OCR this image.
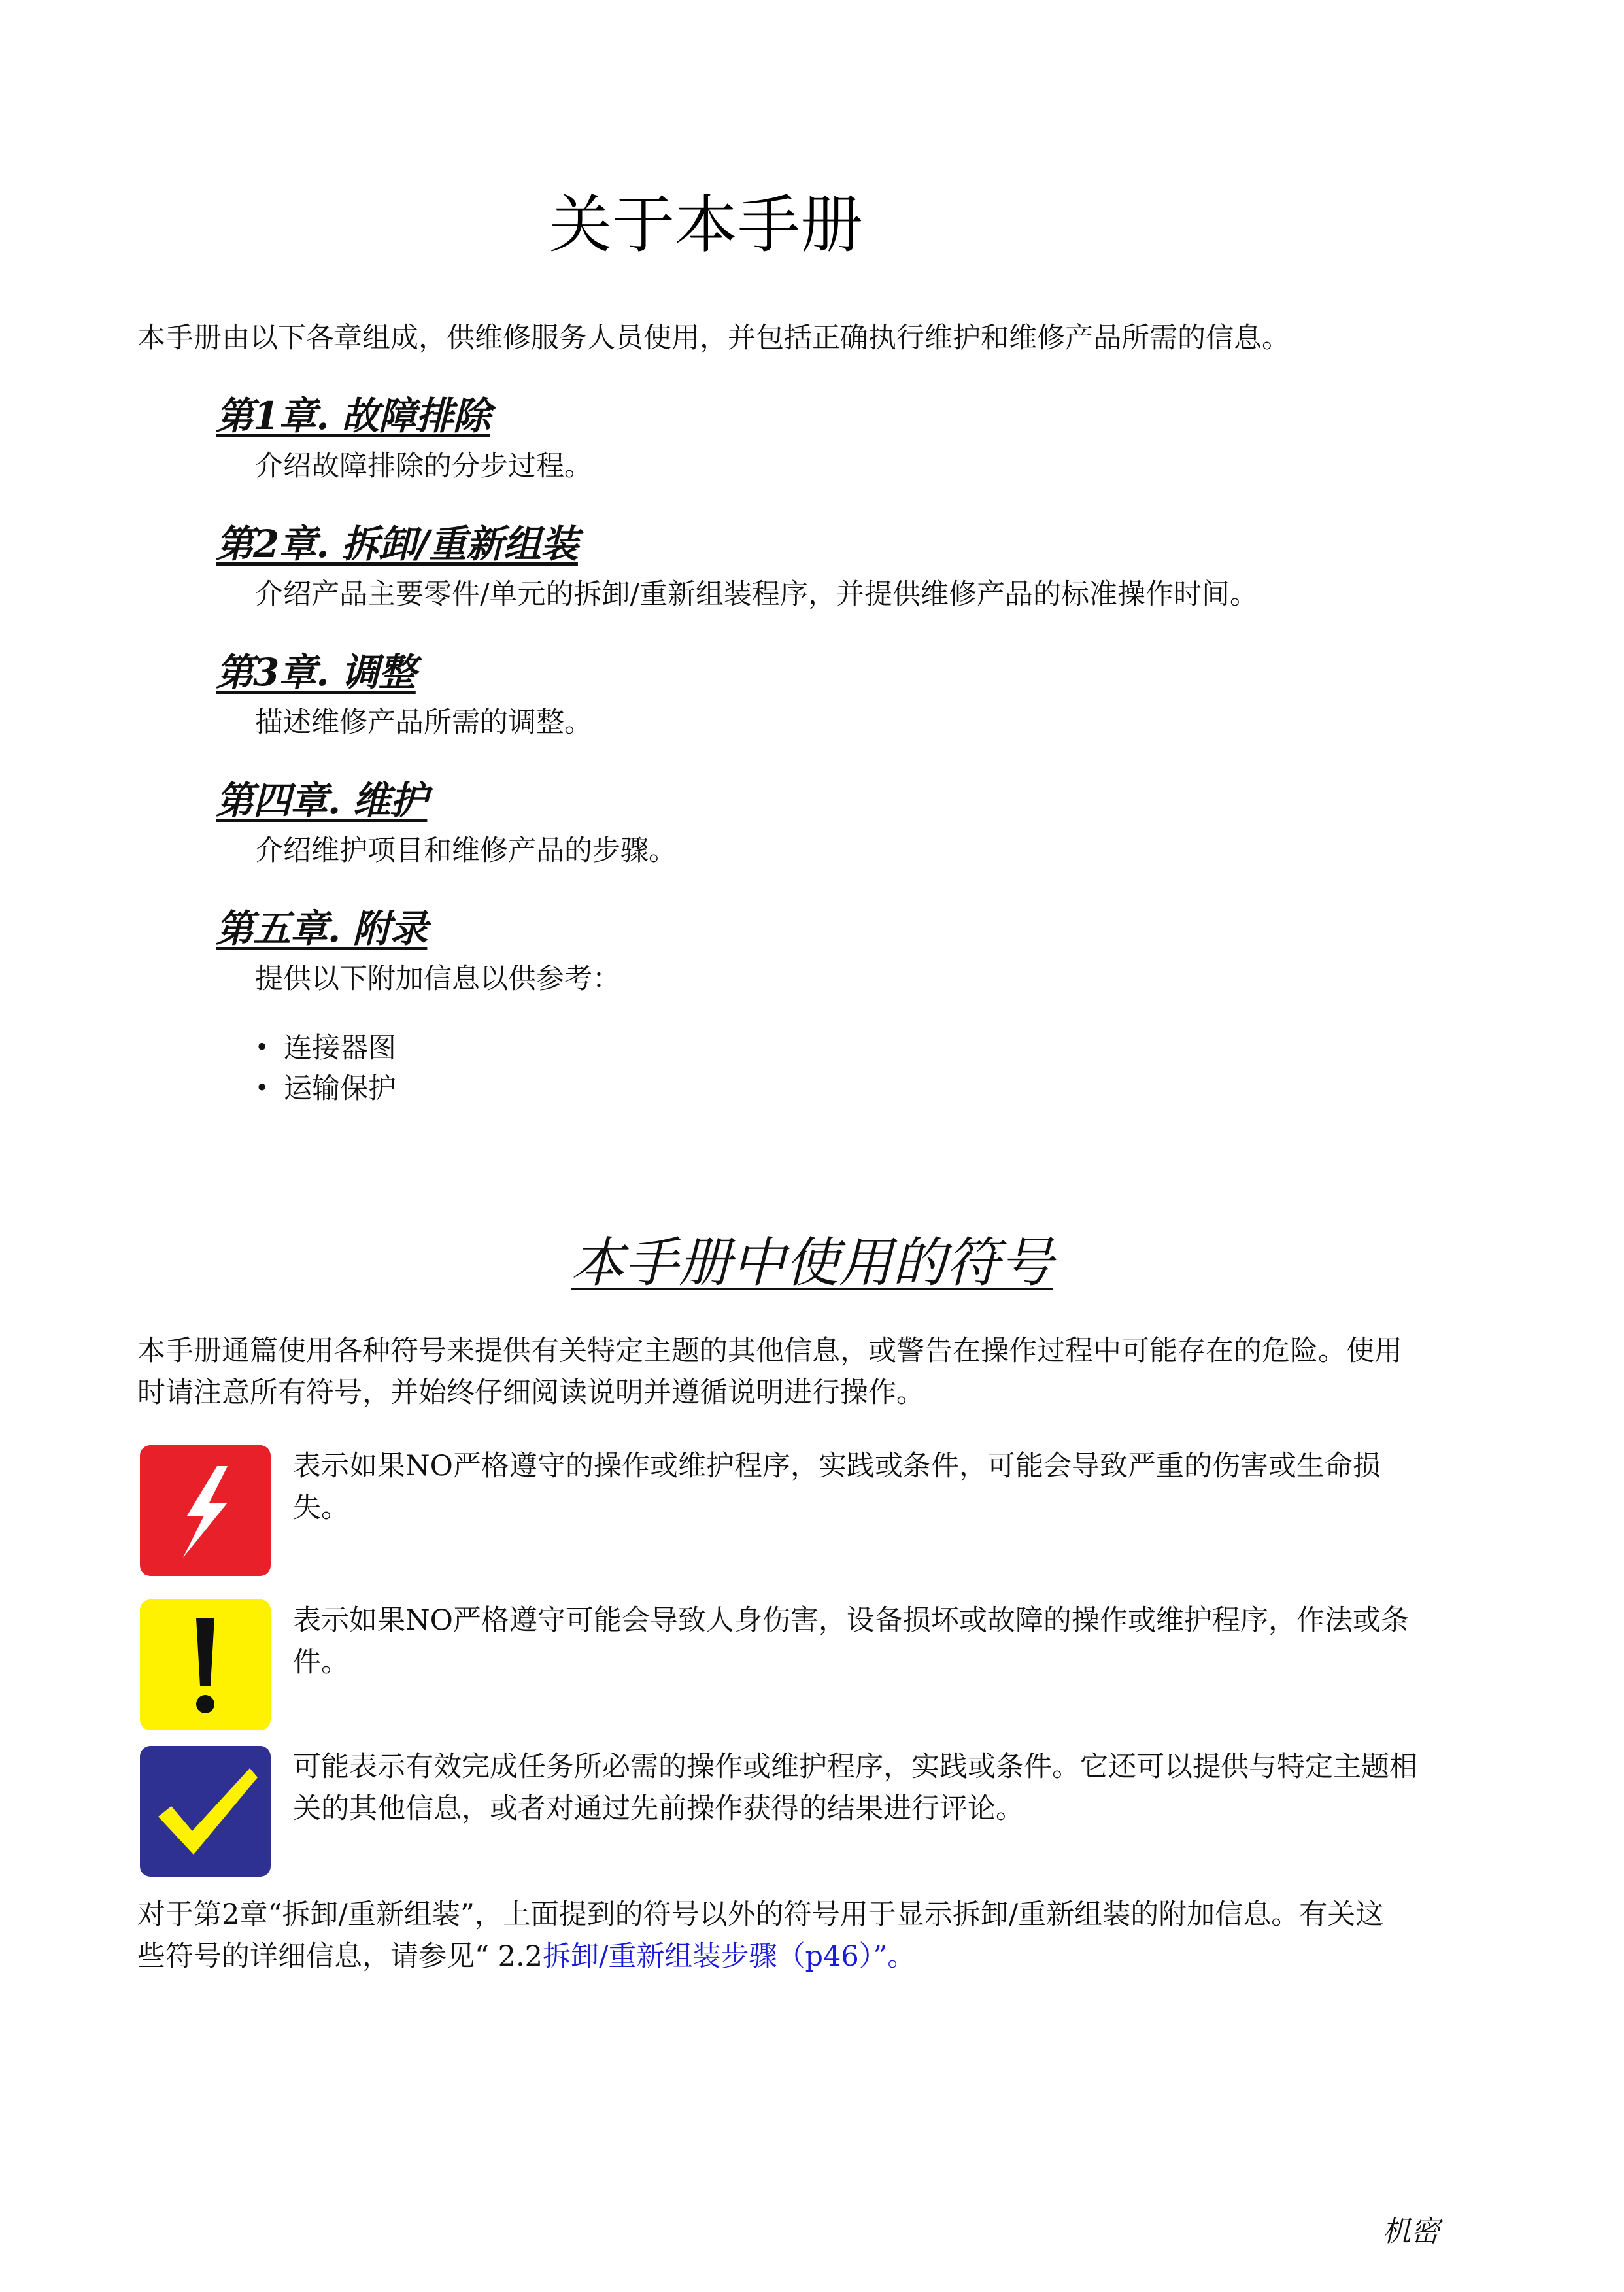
关于本手册

本手册由以下各章组成，供维修服务人员使用，并包括正确执行维护和维修产品所需的信息。

第1章. 故障排除

介绍故障排除的分步过程。

第2章. 拆卸/重新组装

介绍产品主要零件/单元的拆卸/重新组装程序，并提供维修产品的标准操作时间。

第3章. 调整

描述维修产品所需的调整。

第四章. 维护

介绍维护项目和维修产品的步骤。

第五章. 附录

提供以下附加信息以供参考：

• 连接器图
• 运输保护
本手册中使用的符号

本手册通篇使用各种符号来提供有关特定主题的其他信息，或警告在操作过程中可能存在的危险。使用
时请注意所有符号，并始终仔细阅读说明并遵循说明进行操作。

表示如果NO严格遵守的操作或维护程序，实践或条件，可能会导致严重的伤害或生命损
失。

表示如果NO严格遵守可能会导致人身伤害，设备损坏或故障的操作或维护程序，作法或条
件。

可能表示有效完成任务所必需的操作或维护程序，实践或条件。它还可以提供与特定主题相
关的其他信息，或者对通过先前操作获得的结果进行评论。

对于第2章“拆卸/重新组装”，上面提到的符号以外的符号用于显示拆卸/重新组装的附加信息。有关这
些符号的详细信息，请参见“ 2.2拆卸/重新组装步骤（p46）”。

机密
